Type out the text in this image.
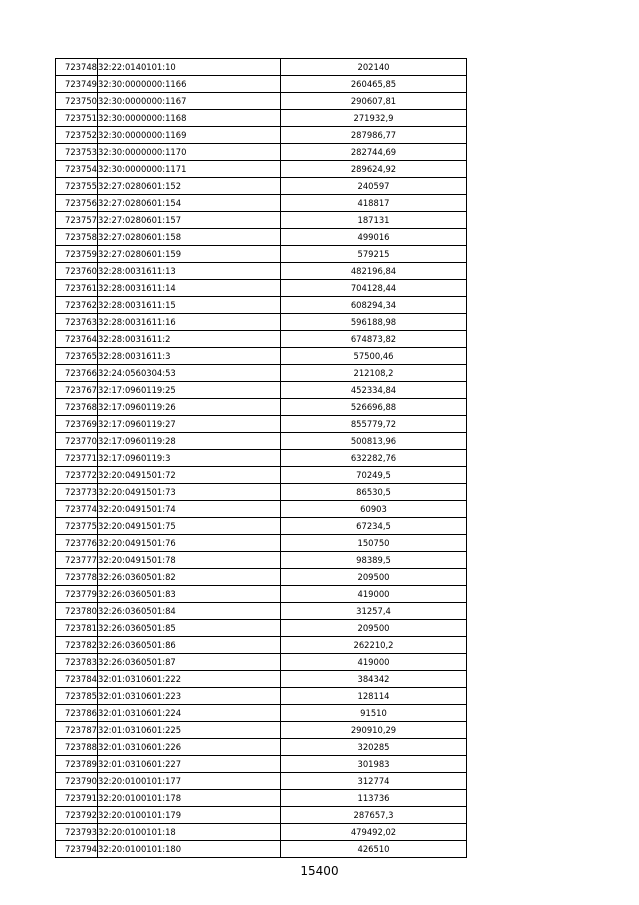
723748	32:22:0140101:10	202140
723749	32:30:0000000:1166	260465,85
723750	32:30:0000000:1167	290607,81
723751	32:30:0000000:1168	271932,9
723752	32:30:0000000:1169	287986,77
723753	32:30:0000000:1170	282744,69
723754	32:30:0000000:1171	289624,92
723755	32:27:0280601:152	240597
723756	32:27:0280601:154	418817
723757	32:27:0280601:157	187131
723758	32:27:0280601:158	499016
723759	32:27:0280601:159	579215
723760	32:28:0031611:13	482196,84
723761	32:28:0031611:14	704128,44
723762	32:28:0031611:15	608294,34
723763	32:28:0031611:16	596188,98
723764	32:28:0031611:2	674873,82
723765	32:28:0031611:3	57500,46
723766	32:24:0560304:53	212108,2
723767	32:17:0960119:25	452334,84
723768	32:17:0960119:26	526696,88
723769	32:17:0960119:27	855779,72
723770	32:17:0960119:28	500813,96
723771	32:17:0960119:3	632282,76
723772	32:20:0491501:72	70249,5
723773	32:20:0491501:73	86530,5
723774	32:20:0491501:74	60903
723775	32:20:0491501:75	67234,5
723776	32:20:0491501:76	150750
723777	32:20:0491501:78	98389,5
723778	32:26:0360501:82	209500
723779	32:26:0360501:83	419000
723780	32:26:0360501:84	31257,4
723781	32:26:0360501:85	209500
723782	32:26:0360501:86	262210,2
723783	32:26:0360501:87	419000
723784	32:01:0310601:222	384342
723785	32:01:0310601:223	128114
723786	32:01:0310601:224	91510
723787	32:01:0310601:225	290910,29
723788	32:01:0310601:226	320285
723789	32:01:0310601:227	301983
723790	32:20:0100101:177	312774
723791	32:20:0100101:178	113736
723792	32:20:0100101:179	287657,3
723793	32:20:0100101:18	479492,02
723794	32:20:0100101:180	426510
15400
